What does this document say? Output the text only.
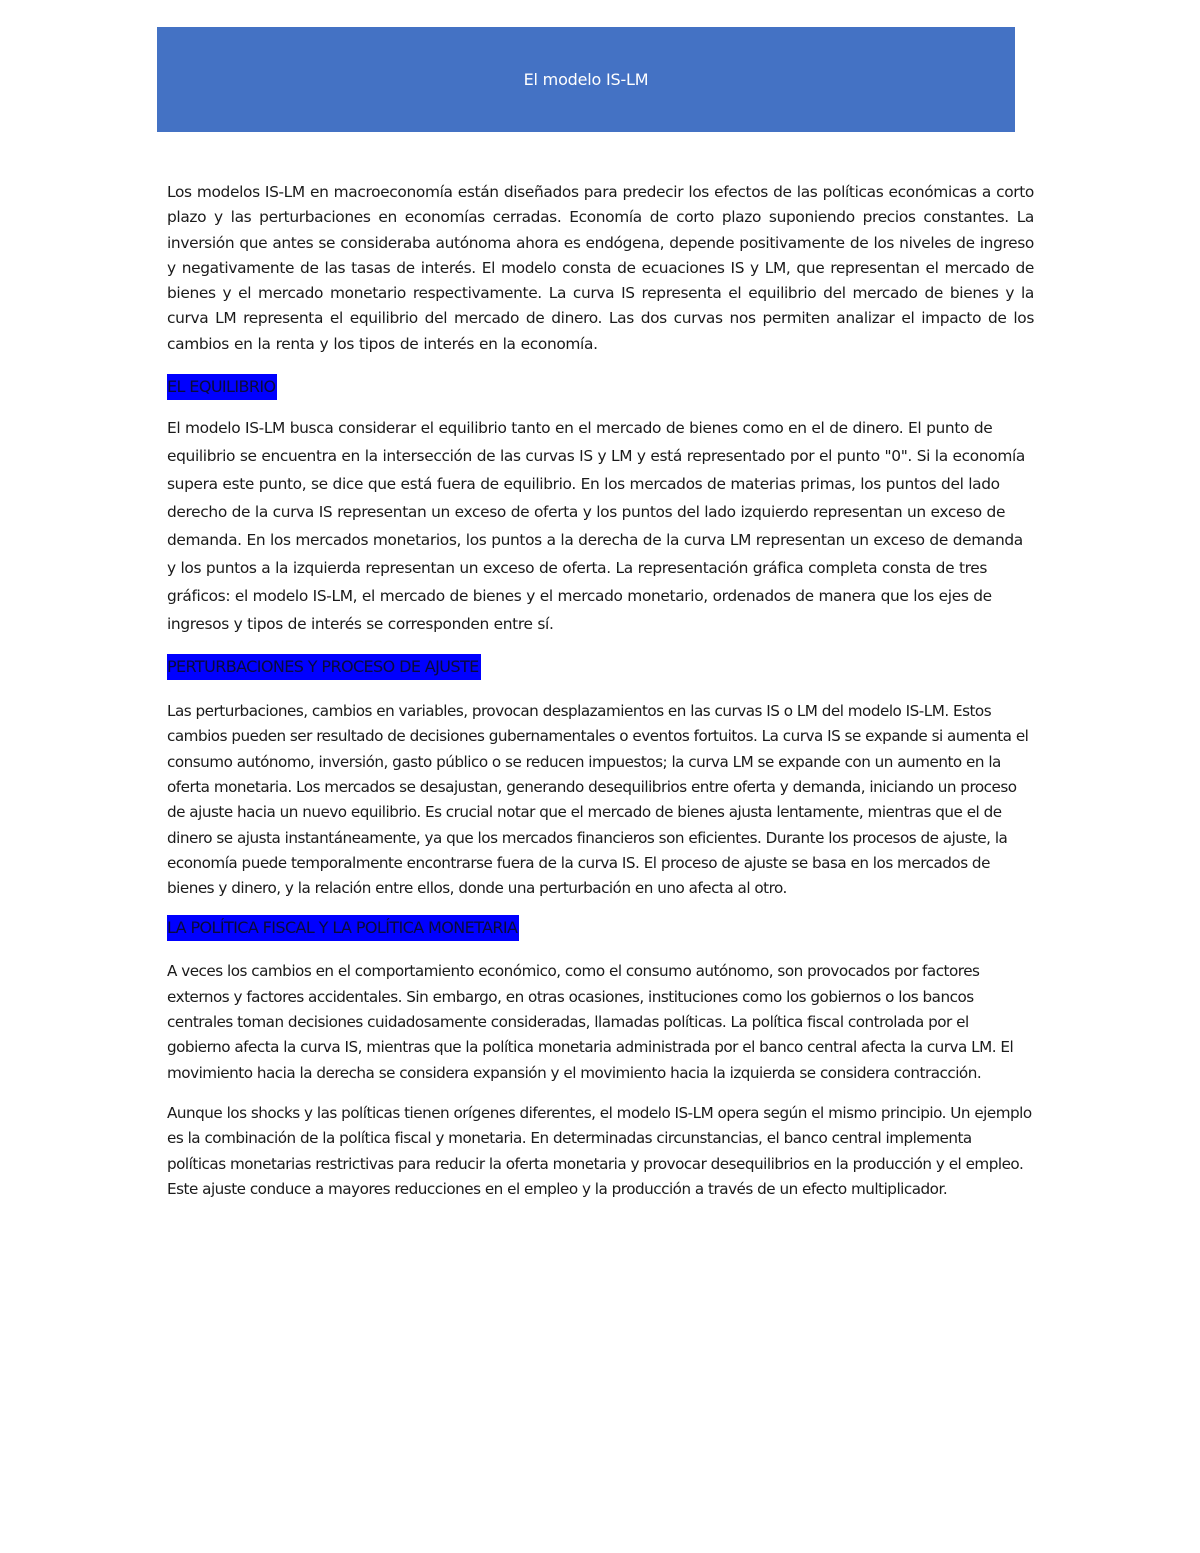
El modelo IS-LM

Los modelos IS-LM en macroeconomía están diseñados para predecir los efectos de las políticas económicas a corto plazo y las perturbaciones en economías cerradas. Economía de corto plazo suponiendo precios constantes. La inversión que antes se consideraba autónoma ahora es endógena, depende positivamente de los niveles de ingreso y negativamente de las tasas de interés. El modelo consta de ecuaciones IS y LM, que representan el mercado de bienes y el mercado monetario respectivamente. La curva IS representa el equilibrio del mercado de bienes y la curva LM representa el equilibrio del mercado de dinero. Las dos curvas nos permiten analizar el impacto de los cambios en la renta y los tipos de interés en la economía.

EL EQUILIBRIO

El modelo IS-LM busca considerar el equilibrio tanto en el mercado de bienes como en el de dinero. El punto de equilibrio se encuentra en la intersección de las curvas IS y LM y está representado por el punto "0". Si la economía supera este punto, se dice que está fuera de equilibrio. En los mercados de materias primas, los puntos del lado derecho de la curva IS representan un exceso de oferta y los puntos del lado izquierdo representan un exceso de demanda. En los mercados monetarios, los puntos a la derecha de la curva LM representan un exceso de demanda y los puntos a la izquierda representan un exceso de oferta. La representación gráfica completa consta de tres gráficos: el modelo IS-LM, el mercado de bienes y el mercado monetario, ordenados de manera que los ejes de ingresos y tipos de interés se corresponden entre sí.

PERTURBACIONES Y PROCESO DE AJUSTE

Las perturbaciones, cambios en variables, provocan desplazamientos en las curvas IS o LM del modelo IS-LM. Estos cambios pueden ser resultado de decisiones gubernamentales o eventos fortuitos. La curva IS se expande si aumenta el consumo autónomo, inversión, gasto público o se reducen impuestos; la curva LM se expande con un aumento en la oferta monetaria. Los mercados se desajustan, generando desequilibrios entre oferta y demanda, iniciando un proceso de ajuste hacia un nuevo equilibrio. Es crucial notar que el mercado de bienes ajusta lentamente, mientras que el de dinero se ajusta instantáneamente, ya que los mercados financieros son eficientes. Durante los procesos de ajuste, la economía puede temporalmente encontrarse fuera de la curva IS. El proceso de ajuste se basa en los mercados de bienes y dinero, y la relación entre ellos, donde una perturbación en uno afecta al otro.

LA POLÍTICA FISCAL Y LA POLÍTICA MONETARIA

A veces los cambios en el comportamiento económico, como el consumo autónomo, son provocados por factores externos y factores accidentales. Sin embargo, en otras ocasiones, instituciones como los gobiernos o los bancos centrales toman decisiones cuidadosamente consideradas, llamadas políticas. La política fiscal controlada por el gobierno afecta la curva IS, mientras que la política monetaria administrada por el banco central afecta la curva LM. El movimiento hacia la derecha se considera expansión y el movimiento hacia la izquierda se considera contracción.

Aunque los shocks y las políticas tienen orígenes diferentes, el modelo IS-LM opera según el mismo principio. Un ejemplo es la combinación de la política fiscal y monetaria. En determinadas circunstancias, el banco central implementa políticas monetarias restrictivas para reducir la oferta monetaria y provocar desequilibrios en la producción y el empleo. Este ajuste conduce a mayores reducciones en el empleo y la producción a través de un efecto multiplicador.
